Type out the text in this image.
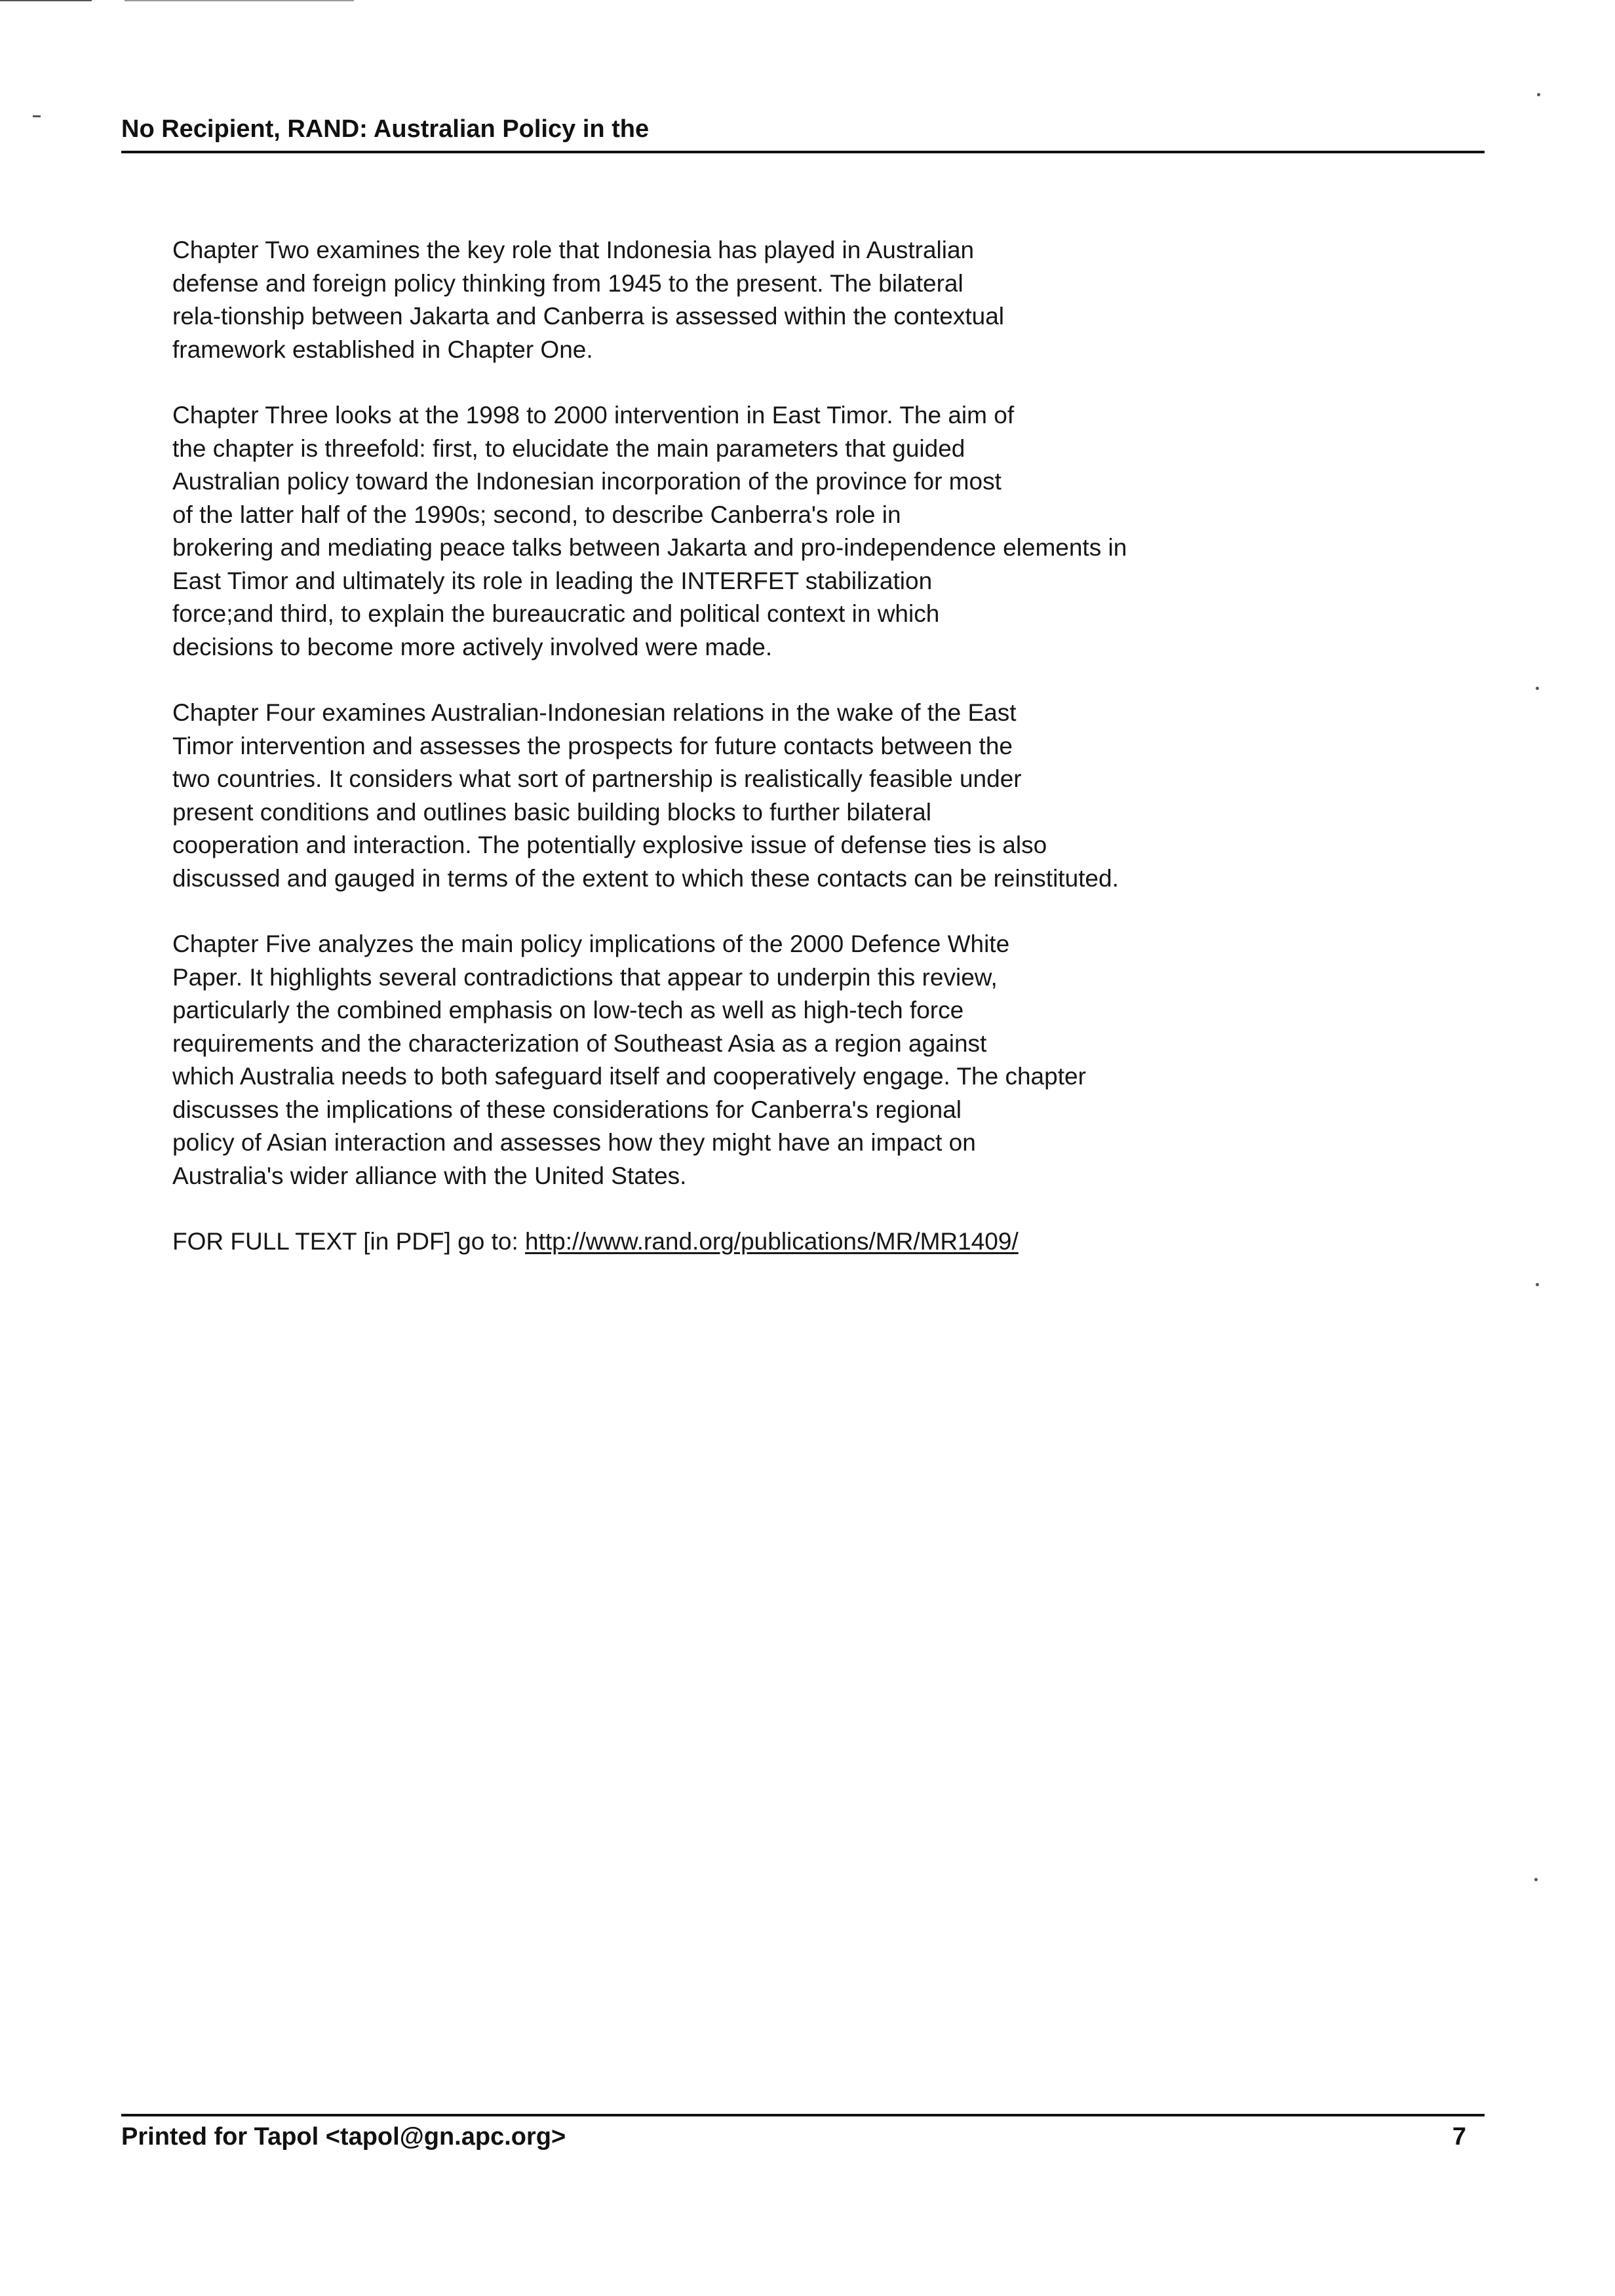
No Recipient, RAND: Australian Policy in the
Chapter Two examines the key role that Indonesia has played in Australian
defense and foreign policy thinking from 1945 to the present. The bilateral
rela-tionship between Jakarta and Canberra is assessed within the contextual
framework established in Chapter One.
Chapter Three looks at the 1998 to 2000 intervention in East Timor. The aim of
the chapter is threefold: first, to elucidate the main parameters that guided
Australian policy toward the Indonesian incorporation of the province for most
of the latter half of the 1990s; second, to describe Canberra's role in
brokering and mediating peace talks between Jakarta and pro-independence elements in
East Timor and ultimately its role in leading the INTERFET stabilization
force;and third, to explain the bureaucratic and political context in which
decisions to become more actively involved were made.
Chapter Four examines Australian-Indonesian relations in the wake of the East
Timor intervention and assesses the prospects for future contacts between the
two countries. It considers what sort of partnership is realistically feasible under
present conditions and outlines basic building blocks to further bilateral
cooperation and interaction. The potentially explosive issue of defense ties is also
discussed and gauged in terms of the extent to which these contacts can be reinstituted.
Chapter Five analyzes the main policy implications of the 2000 Defence White
Paper. It highlights several contradictions that appear to underpin this review,
particularly the combined emphasis on low-tech as well as high-tech force
requirements and the characterization of Southeast Asia as a region against
which Australia needs to both safeguard itself and cooperatively engage. The chapter
discusses the implications of these considerations for Canberra's regional
policy of Asian interaction and assesses how they might have an impact on
Australia's wider alliance with the United States.
FOR FULL TEXT [in PDF] go to: http://www.rand.org/publications/MR/MR1409/
Printed for Tapol <tapol@gn.apc.org>	7
